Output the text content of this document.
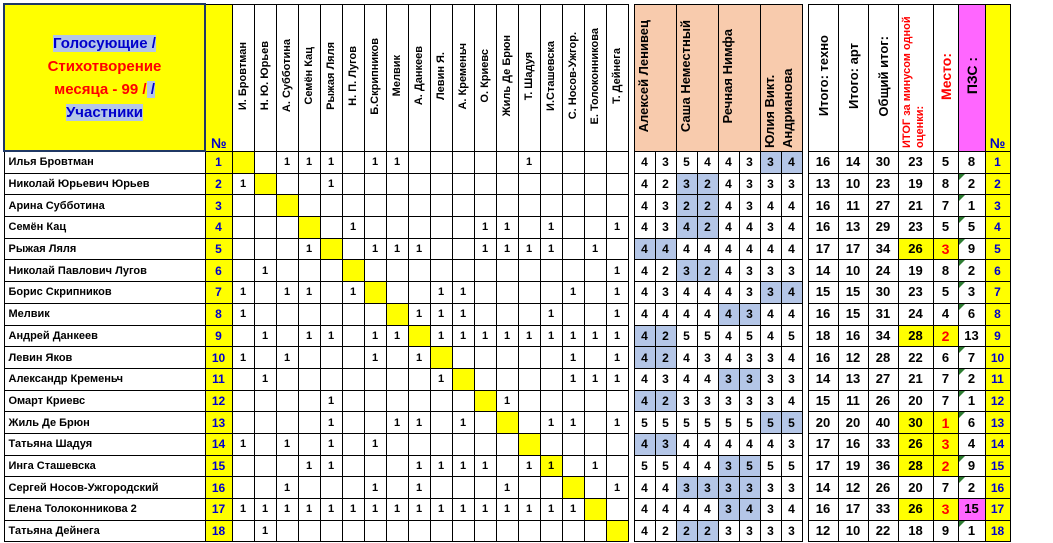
Голосующие /
Стихотворение
месяца - 99 / /
Участники	№	И. Бровтман	Н. Ю. Юрьев	А. Субботина	Семён Кац	Рыжая Ляля	Н. П. Лугов	Б.Скрипников	Мелвик	А. Данкеев	Левин Я.	А. Кременьч	О. Криевс	Жиль Де Брюн	Т. Шадуя	И.Сташевска	С. Носов-Ужгор.	Е. Толоконникова	Т. Дейнега		Алексей Ленивец		Саша Неместный		Речная Нимфа		Юлия Викт. Андрианова			Итого: техно	Итого: арт	Общий итог:	ИТОГ за минусом одной оценки:	Место:	ПЗС :	№
Илья Бровтман	1			1	1	1		1	1						1						4	3	5	4	4	3	3	4		16	14	30	23	5	8	1
Николай Юрьевич Юрьев	2	1				1															4	2	3	2	4	3	3	3		13	10	23	19	8	2	2
Арина Субботина	3																				4	3	2	2	4	3	4	4		16	11	27	21	7	1	3
Семён Кац	4						1						1	1		1			1		4	3	4	2	4	4	3	4		16	13	29	23	5	5	4
Рыжая Ляля	5				1			1	1	1			1	1	1	1		1			4	4	4	4	4	4	4	4		17	17	34	26	3	9	5
Николай Павлович Лугов	6		1																1		4	2	3	2	4	3	3	3		14	10	24	19	8	2	6
Борис Скрипников	7	1		1	1		1				1	1					1		1		4	3	4	4	4	3	3	4		15	15	30	23	5	3	7
Мелвик	8	1								1	1	1				1			1		4	4	4	4	4	3	4	4		16	15	31	24	4	6	8
Андрей Данкеев	9		1		1	1		1	1		1	1	1	1	1	1	1	1	1		4	2	5	5	4	5	4	5		18	16	34	28	2	13	9
Левин Яков	10	1		1				1		1							1		1		4	2	4	3	4	3	3	4		16	12	28	22	6	7	10
Александр Кременьч	11		1								1						1	1	1		4	3	4	4	3	3	3	3		14	13	27	21	7	2	11
Омарт Криевс	12					1								1							4	2	3	3	3	3	3	4		15	11	26	20	7	1	12
Жиль Де Брюн	13					1			1	1		1				1	1		1		5	5	5	5	5	5	5	5		20	20	40	30	1	6	13
Татьяна Шадуя	14	1		1		1		1													4	3	4	4	4	4	4	3		17	16	33	26	3	4	14
Инга Сташевска	15				1	1				1	1	1	1		1	1		1			5	5	4	4	3	5	5	5		17	19	36	28	2	9	15
Сергей Носов-Ужгородский	16			1				1		1				1					1		4	4	3	3	3	3	3	3		14	12	26	20	7	2	16
Елена Толоконникова 2	17	1	1	1	1	1	1	1	1	1	1	1	1	1	1	1	1				4	4	4	4	3	4	3	4		16	17	33	26	3	15	17
Татьяна Дейнега	18		1																		4	2	2	2	3	3	3	3		12	10	22	18	9	1	18
